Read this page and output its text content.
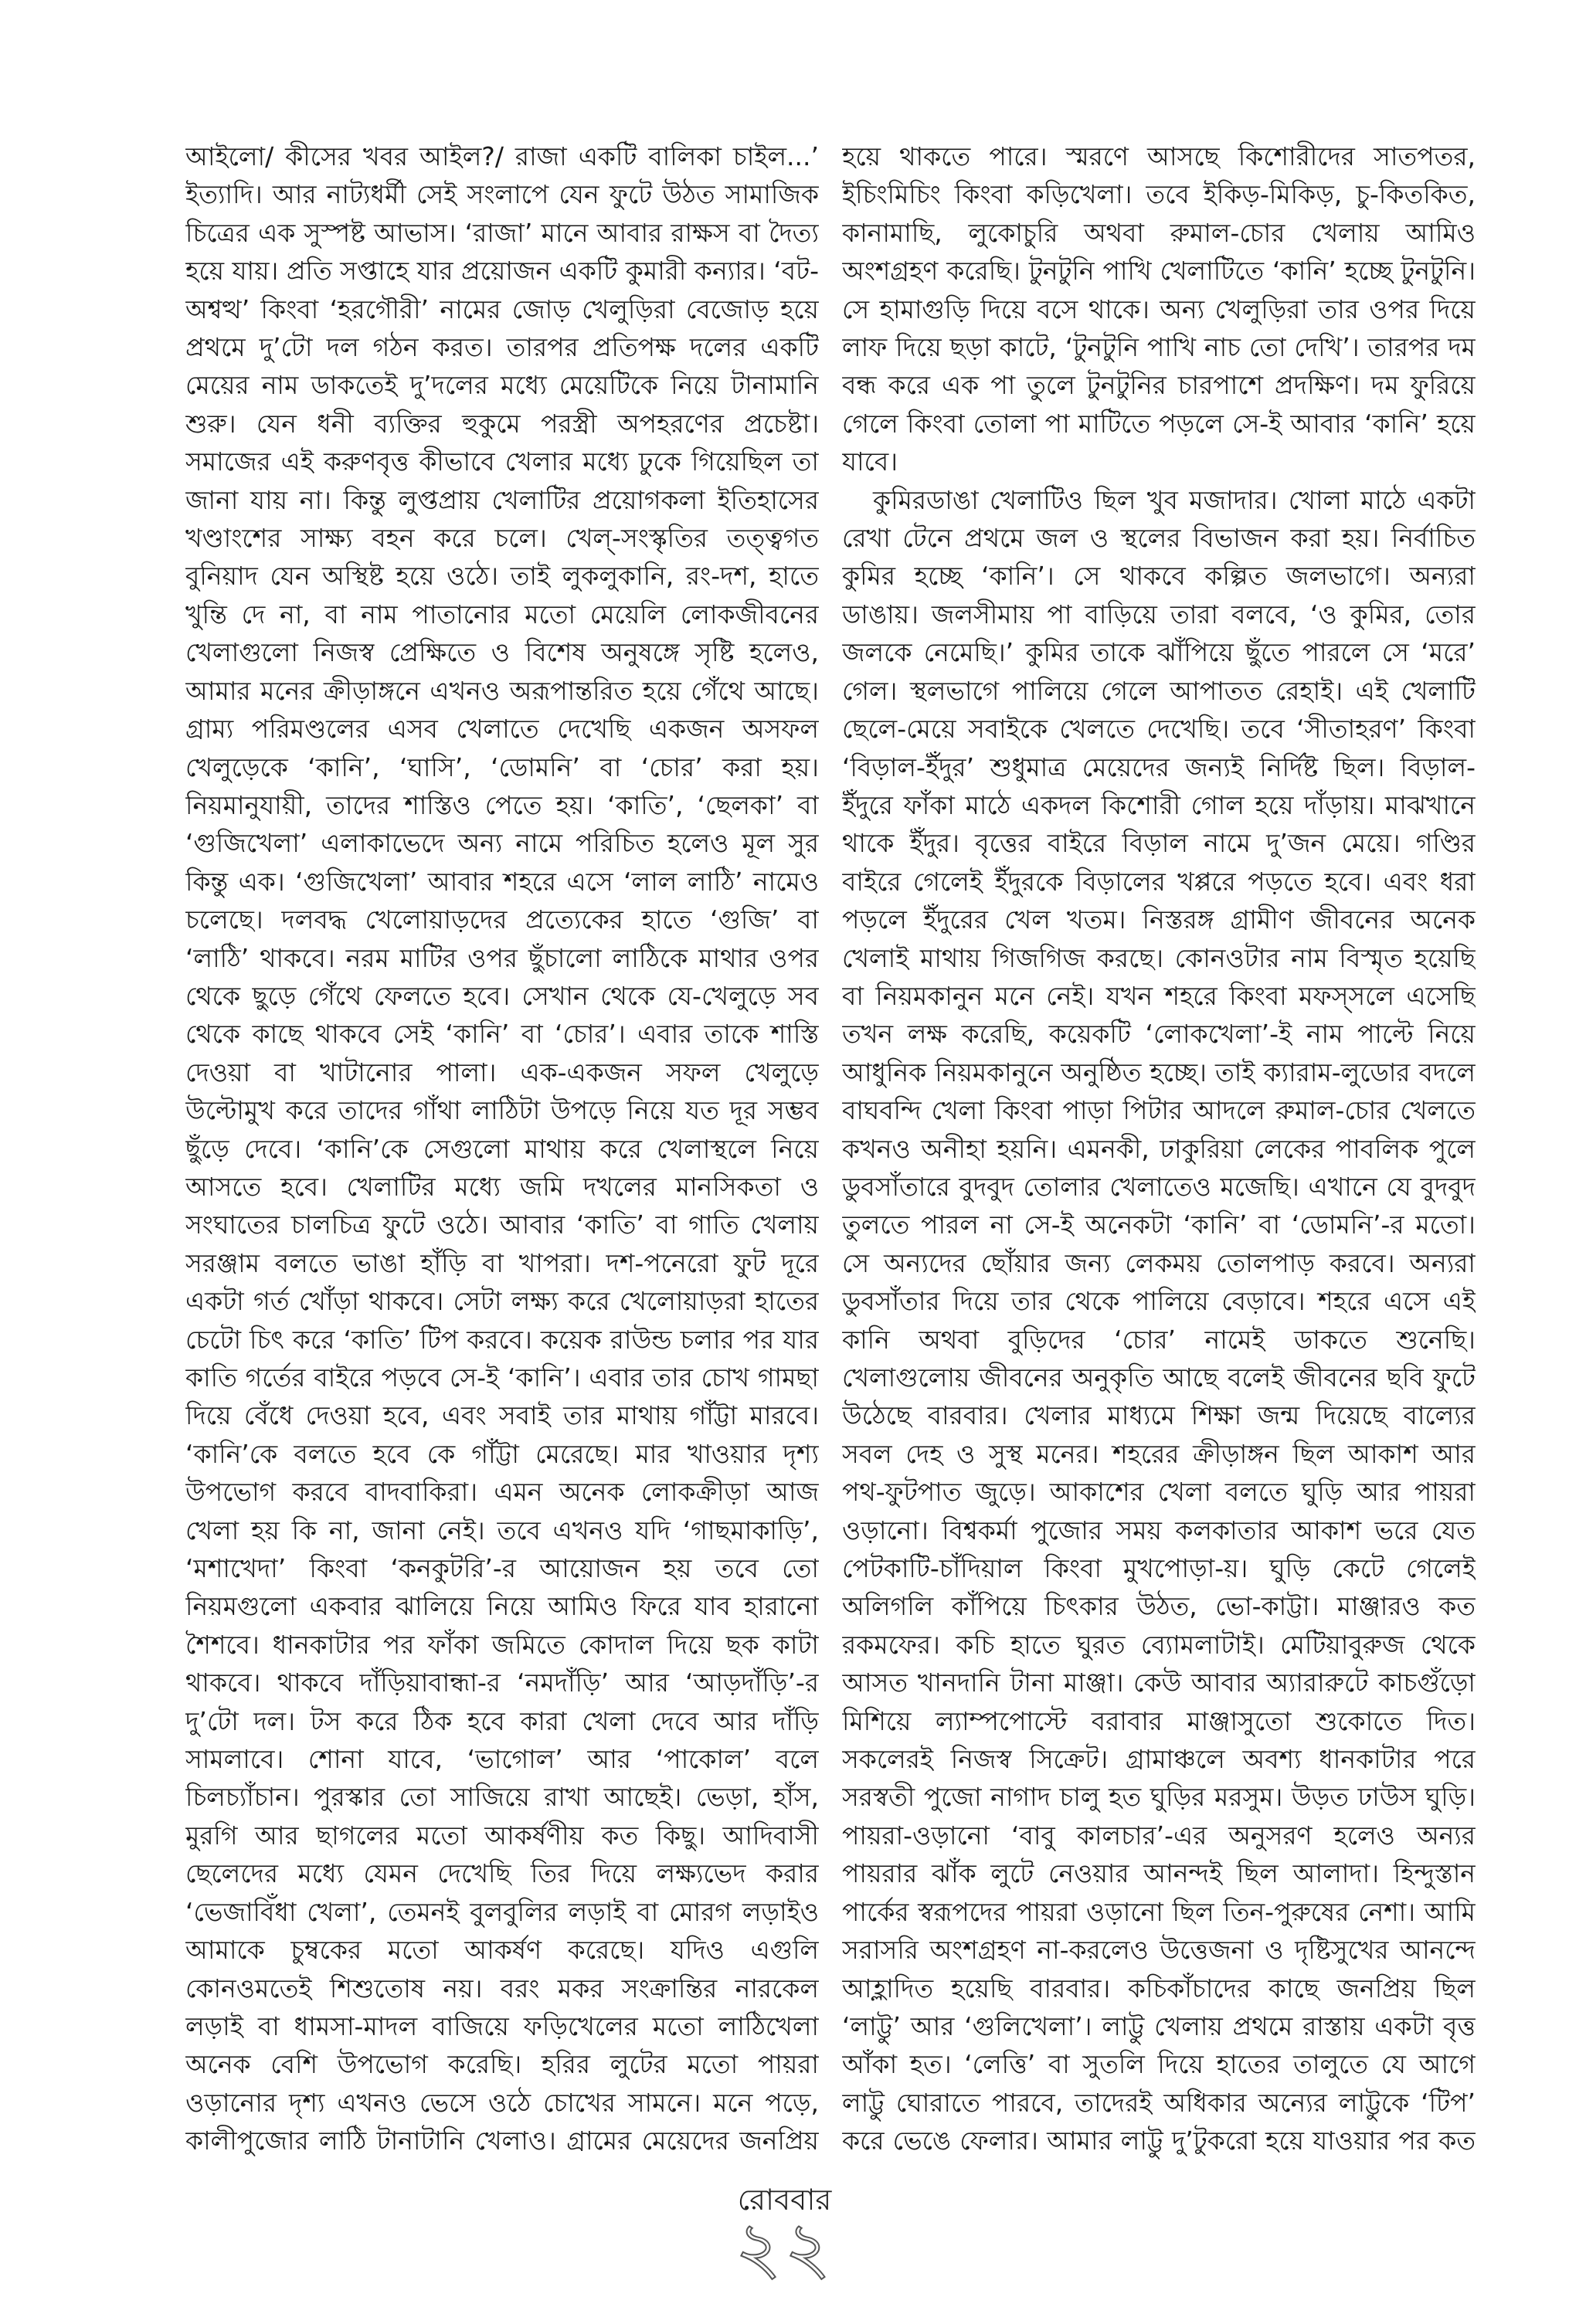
আইলো/ কীসের খবর আইল?/ রাজা একটি বালিকা চাইল...’ ইত্যাদি। আর নাট্যধর্মী সেই সংলাপে যেন ফুটে উঠত সামাজিক চিত্রের এক সুস্পষ্ট আভাস। ‘রাজা’ মানে আবার রাক্ষস বা দৈত্য হয়ে যায়। প্রতি সপ্তাহে যার প্রয়োজন একটি কুমারী কন্যার। ‘বট-অশ্বত্থ’ কিংবা ‘হরগৌরী’ নামের জোড় খেলুড়িরা বেজোড় হয়ে প্রথমে দু’টো দল গঠন করত। তারপর প্রতিপক্ষ দলের একটি মেয়ের নাম ডাকতেই দু’দলের মধ্যে মেয়েটিকে নিয়ে টানামানি শুরু। যেন ধনী ব্যক্তির হুকুমে পরস্ত্রী অপহরণের প্রচেষ্টা। সমাজের এই করুণবৃত্ত কীভাবে খেলার মধ্যে ঢুকে গিয়েছিল তা জানা যায় না। কিন্তু লুপ্তপ্রায় খেলাটির প্রয়োগকলা ইতিহাসের খণ্ডাংশের সাক্ষ্য বহন করে চলে। খেল্-সংস্কৃতির তত্ত্বগত বুনিয়াদ যেন অস্থিষ্ট হয়ে ওঠে। তাই লুকলুকানি, রং-দশ, হাতে খুন্তি দে না, বা নাম পাতানোর মতো মেয়েলি লোকজীবনের খেলাগুলো নিজস্ব প্রেক্ষিতে ও বিশেষ অনুষঙ্গে সৃষ্টি হলেও, আমার মনের ক্রীড়াঙ্গনে এখনও অরূপান্তরিত হয়ে গেঁথে আছে। গ্রাম্য পরিমণ্ডলের এসব খেলাতে দেখেছি একজন অসফল খেলুড়েকে ‘কানি’, ‘ঘাসি’, ‘ডোমনি’ বা ‘চোর’ করা হয়। নিয়মানুযায়ী, তাদের শাস্তিও পেতে হয়। ‘কাতি’, ‘ছেলকা’ বা ‘গুজিখেলা’ এলাকাভেদে অন্য নামে পরিচিত হলেও মূল সুর কিন্তু এক। ‘গুজিখেলা’ আবার শহরে এসে ‘লাল লাঠি’ নামেও চলেছে। দলবদ্ধ খেলোয়াড়দের প্রত্যেকের হাতে ‘গুজি’ বা ‘লাঠি’ থাকবে। নরম মাটির ওপর ছুঁচালো লাঠিকে মাথার ওপর থেকে ছুড়ে গেঁথে ফেলতে হবে। সেখান থেকে যে-খেলুড়ে সব থেকে কাছে থাকবে সেই ‘কানি’ বা ‘চোর’। এবার তাকে শাস্তি দেওয়া বা খাটানোর পালা। এক-একজন সফল খেলুড়ে উল্টোমুখ করে তাদের গাঁথা লাঠিটা উপড়ে নিয়ে যত দূর সম্ভব ছুঁড়ে দেবে। ‘কানি’কে সেগুলো মাথায় করে খেলাস্থলে নিয়ে আসতে হবে। খেলাটির মধ্যে জমি দখলের মানসিকতা ও সংঘাতের চালচিত্র ফুটে ওঠে। আবার ‘কাতি’ বা গাতি খেলায় সরঞ্জাম বলতে ভাঙা হাঁড়ি বা খাপরা। দশ-পনেরো ফুট দূরে একটা গর্ত খোঁড়া থাকবে। সেটা লক্ষ্য করে খেলোয়াড়রা হাতের চেটো চিৎ করে ‘কাতি’ টিপ করবে। কয়েক রাউন্ড চলার পর যার কাতি গর্তের বাইরে পড়বে সে-ই ‘কানি’। এবার তার চোখ গামছা দিয়ে বেঁধে দেওয়া হবে, এবং সবাই তার মাথায় গাঁট্টা মারবে। ‘কানি’কে বলতে হবে কে গাঁট্টা মেরেছে। মার খাওয়ার দৃশ্য উপভোগ করবে বাদবাকিরা। এমন অনেক লোকক্রীড়া আজ খেলা হয় কি না, জানা নেই। তবে এখনও যদি ‘গাছমাকাড়ি’, ‘মশাখেদা’ কিংবা ‘কনকুটরি’-র আয়োজন হয় তবে তো নিয়মগুলো একবার ঝালিয়ে নিয়ে আমিও ফিরে যাব হারানো শৈশবে। ধানকাটার পর ফাঁকা জমিতে কোদাল দিয়ে ছক কাটা থাকবে। থাকবে দাঁড়িয়াবান্ধা-র ‘নমদাঁড়ি’ আর ‘আড়দাঁড়ি’-র দু’টো দল। টস করে ঠিক হবে কারা খেলা দেবে আর দাঁড়ি সামলাবে। শোনা যাবে, ‘ভাগোল’ আর ‘পাকোল’ বলে চিলচ্যাঁচান। পুরস্কার তো সাজিয়ে রাখা আছেই। ভেড়া, হাঁস, মুরগি আর ছাগলের মতো আকর্ষণীয় কত কিছু। আদিবাসী ছেলেদের মধ্যে যেমন দেখেছি তির দিয়ে লক্ষ্যভেদ করার ‘ভেজাবিঁধা খেলা’, তেমনই বুলবুলির লড়াই বা মোরগ লড়াইও আমাকে চুম্বকের মতো আকর্ষণ করেছে। যদিও এগুলি কোনওমতেই শিশুতোষ নয়। বরং মকর সংক্রান্তির নারকেল লড়াই বা ধামসা-মাদল বাজিয়ে ফড়িখেলের মতো লাঠিখেলা অনেক বেশি উপভোগ করেছি। হরির লুটের মতো পায়রা ওড়ানোর দৃশ্য এখনও ভেসে ওঠে চোখের সামনে। মনে পড়ে, কালীপুজোর লাঠি টানাটানি খেলাও। গ্রামের মেয়েদের জনপ্রিয়

হয়ে থাকতে পারে। স্মরণে আসছে কিশোরীদের সাতপতর, ইচিংমিচিং কিংবা কড়িখেলা। তবে ইকিড়-মিকিড়, চু-কিতকিত, কানামাছি, লুকোচুরি অথবা রুমাল-চোর খেলায় আমিও অংশগ্রহণ করেছি। টুনটুনি পাখি খেলাটিতে ‘কানি’ হচ্ছে টুনটুনি। সে হামাগুড়ি দিয়ে বসে থাকে। অন্য খেলুড়িরা তার ওপর দিয়ে লাফ দিয়ে ছড়া কাটে, ‘টুনটুনি পাখি নাচ তো দেখি’। তারপর দম বন্ধ করে এক পা তুলে টুনটুনির চারপাশে প্রদক্ষিণ। দম ফুরিয়ে গেলে কিংবা তোলা পা মাটিতে পড়লে সে-ই আবার ‘কানি’ হয়ে যাবে।

কুমিরডাঙা খেলাটিও ছিল খুব মজাদার। খোলা মাঠে একটা রেখা টেনে প্রথমে জল ও স্থলের বিভাজন করা হয়। নির্বাচিত কুমির হচ্ছে ‘কানি’। সে থাকবে কল্পিত জলভাগে। অন্যরা ডাঙায়। জলসীমায় পা বাড়িয়ে তারা বলবে, ‘ও কুমির, তোর জলকে নেমেছি।’ কুমির তাকে ঝাঁপিয়ে ছুঁতে পারলে সে ‘মরে’ গেল। স্থলভাগে পালিয়ে গেলে আপাতত রেহাই। এই খেলাটি ছেলে-মেয়ে সবাইকে খেলতে দেখেছি। তবে ‘সীতাহরণ’ কিংবা ‘বিড়াল-ইঁদুর’ শুধুমাত্র মেয়েদের জন্যই নির্দিষ্ট ছিল। বিড়াল-ইঁদুরে ফাঁকা মাঠে একদল কিশোরী গোল হয়ে দাঁড়ায়। মাঝখানে থাকে ইঁদুর। বৃত্তের বাইরে বিড়াল নামে দু’জন মেয়ে। গণ্ডির বাইরে গেলেই ইঁদুরকে বিড়ালের খপ্পরে পড়তে হবে। এবং ধরা পড়লে ইঁদুরের খেল খতম। নিস্তরঙ্গ গ্রামীণ জীবনের অনেক খেলাই মাথায় গিজগিজ করছে। কোনওটার নাম বিস্মৃত হয়েছি বা নিয়মকানুন মনে নেই। যখন শহরে কিংবা মফস্সলে এসেছি তখন লক্ষ করেছি, কয়েকটি ‘লোকখেলা’-ই নাম পাল্টে নিয়ে আধুনিক নিয়মকানুনে অনুষ্ঠিত হচ্ছে। তাই ক্যারাম-লুডোর বদলে বাঘবন্দি খেলা কিংবা পাড়া পিটার আদলে রুমাল-চোর খেলতে কখনও অনীহা হয়নি। এমনকী, ঢাকুরিয়া লেকের পাবলিক পুলে ডুবসাঁতারে বুদবুদ তোলার খেলাতেও মজেছি। এখানে যে বুদবুদ তুলতে পারল না সে-ই অনেকটা ‘কানি’ বা ‘ডোমনি’-র মতো। সে অন্যদের ছোঁয়ার জন্য লেকময় তোলপাড় করবে। অন্যরা ডুবসাঁতার দিয়ে তার থেকে পালিয়ে বেড়াবে। শহরে এসে এই কানি অথবা বুড়িদের ‘চোর’ নামেই ডাকতে শুনেছি। খেলাগুলোয় জীবনের অনুকৃতি আছে বলেই জীবনের ছবি ফুটে উঠেছে বারবার। খেলার মাধ্যমে শিক্ষা জন্ম দিয়েছে বাল্যের সবল দেহ ও সুস্থ মনের। শহরের ক্রীড়াঙ্গন ছিল আকাশ আর পথ-ফুটপাত জুড়ে। আকাশের খেলা বলতে ঘুড়ি আর পায়রা ওড়ানো। বিশ্বকর্মা পুজোর সময় কলকাতার আকাশ ভরে যেত পেটকাটি-চাঁদিয়াল কিংবা মুখপোড়া-য়। ঘুড়ি কেটে গেলেই অলিগলি কাঁপিয়ে চিৎকার উঠত, ভো-কাট্টা। মাঞ্জারও কত রকমফের। কচি হাতে ঘুরত ব্যোমলাটাই। মেটিয়াবুরুজ থেকে আসত খানদানি টানা মাঞ্জা। কেউ আবার অ্যারারুটে কাচগুঁড়ো মিশিয়ে ল্যাম্পপোস্টে বরাবার মাঞ্জাসুতো শুকোতে দিত। সকলেরই নিজস্ব সিক্রেট। গ্রামাঞ্চলে অবশ্য ধানকাটার পরে সরস্বতী পুজো নাগাদ চালু হত ঘুড়ির মরসুম। উড়ত ঢাউস ঘুড়ি। পায়রা-ওড়ানো ‘বাবু কালচার’-এর অনুসরণ হলেও অন্যর পায়রার ঝাঁক লুটে নেওয়ার আনন্দই ছিল আলাদা। হিন্দুস্তান পার্কের স্বরূপদের পায়রা ওড়ানো ছিল তিন-পুরুষের নেশা। আমি সরাসরি অংশগ্রহণ না-করলেও উত্তেজনা ও দৃষ্টিসুখের আনন্দে আহ্লাদিত হয়েছি বারবার। কচিকাঁচাদের কাছে জনপ্রিয় ছিল ‘লাট্টু’ আর ‘গুলিখেলা’। লাট্টু খেলায় প্রথমে রাস্তায় একটা বৃত্ত আঁকা হত। ‘লেত্তি’ বা সুতলি দিয়ে হাতের তালুতে যে আগে লাট্টু ঘোরাতে পারবে, তাদেরই অধিকার অন্যের লাট্টুকে ‘টিপ’ করে ভেঙে ফেলার। আমার লাট্টু দু’টুকরো হয়ে যাওয়ার পর কত

রোববার
২২
